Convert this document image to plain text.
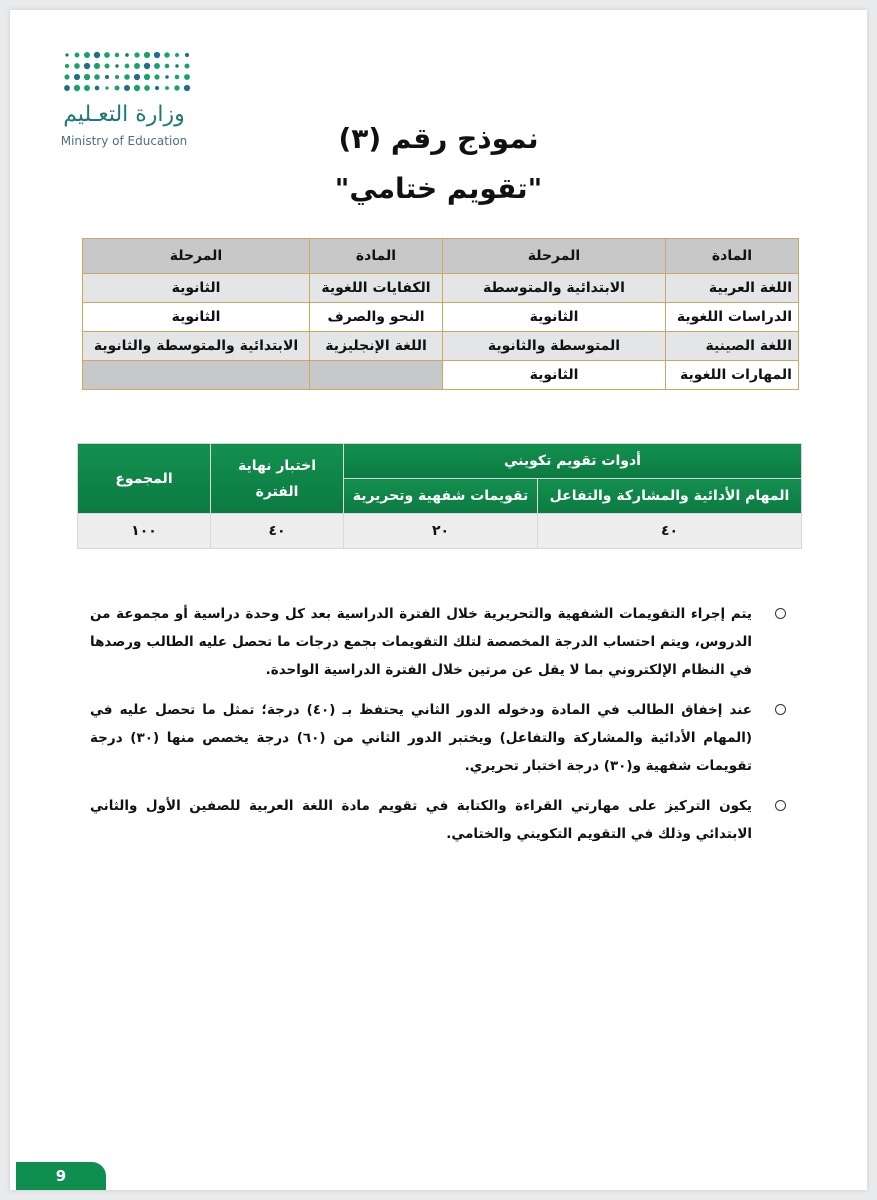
وزارة التعـليم
Ministry of Education	نموذج رقم (٣)
"تقويم ختامي"
المادة	المرحلة	المادة	المرحلة
اللغة العربية	الابتدائية والمتوسطة	الكفايات اللغوية	الثانوية
الدراسات اللغوية	الثانوية	النحو والصرف	الثانوية
اللغة الصينية	المتوسطة والثانوية	اللغة الإنجليزية	الابتدائية والمتوسطة والثانوية
المهارات اللغوية	الثانوية		
أدوات تقويم تكويني		اختبار نهاية الفترة	المجموع
المهام الأدائية والمشاركة والتفاعل	تقويمات شفهية وتحريرية		
٤٠	٢٠	٤٠	١٠٠
يتم إجراء التقويمات الشفهية والتحريرية خلال الفترة الدراسية بعد كل وحدة دراسية أو مجموعة من الدروس، ويتم احتساب الدرجة المخصصة لتلك التقويمات بجمع درجات ما تحصل عليه الطالب ورصدها في النظام الإلكتروني بما لا يقل عن مرتين خلال الفترة الدراسية الواحدة.
عند إخفاق الطالب في المادة ودخوله الدور الثاني يحتفظ بـ (٤٠) درجة؛ تمثل ما تحصل عليه في (المهام الأدائية والمشاركة والتفاعل) ويختبر الدور الثاني من (٦٠) درجة يخصص منها (٣٠) درجة تقويمات شفهية و(٣٠) درجة اختبار تحريري.
يكون التركيز على مهارتي القراءة والكتابة في تقويم مادة اللغة العربية للصفين الأول والثاني الابتدائي وذلك في التقويم التكويني والختامي.
9
